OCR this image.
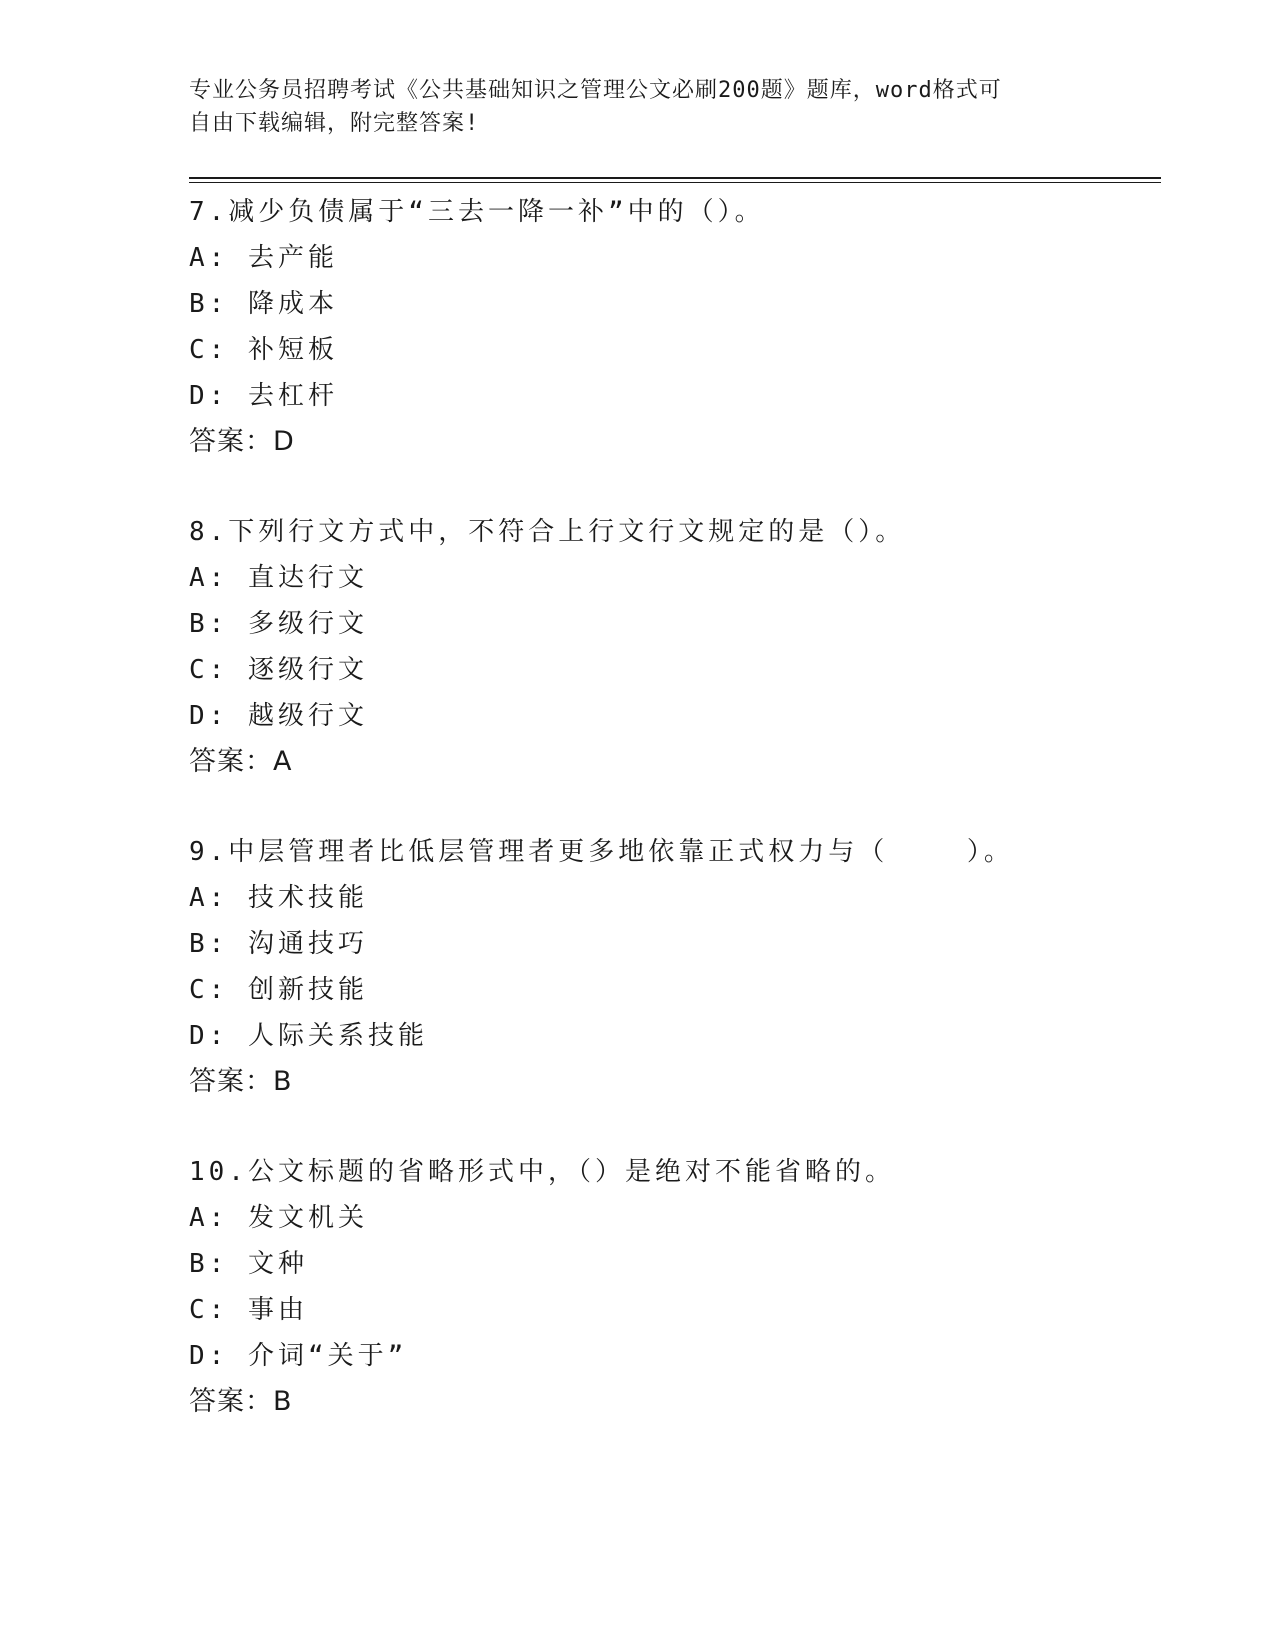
专业公务员招聘考试《公共基础知识之管理公文必刷200题》题库，word格式可
自由下载编辑，附完整答案!
7.减少负债属于“三去一降一补”中的（）。
A: 去产能
B: 降成本
C: 补短板
D: 去杠杆
答案：D
8.下列行文方式中，不符合上行文行文规定的是（）。
A: 直达行文
B: 多级行文
C: 逐级行文
D: 越级行文
答案：A
9.中层管理者比低层管理者更多地依靠正式权力与（    ）。
A: 技术技能
B: 沟通技巧
C: 创新技能
D: 人际关系技能
答案：B
10.公文标题的省略形式中，（）是绝对不能省略的。
A: 发文机关
B: 文种
C: 事由
D: 介词“关于”
答案：B
